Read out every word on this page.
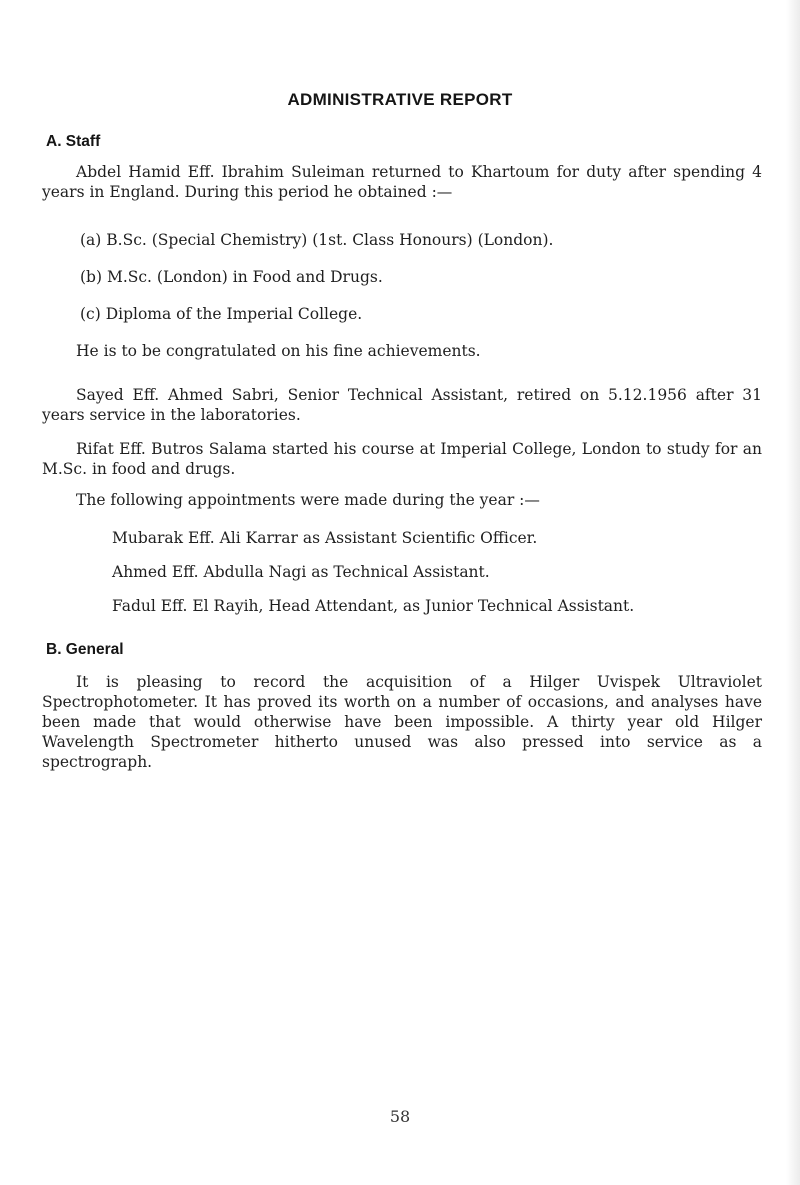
ADMINISTRATIVE REPORT
A. Staff

Abdel Hamid Eff. Ibrahim Suleiman returned to Khartoum for duty after spending 4 years in England. During this period he obtained :—

(a) B.Sc. (Special Chemistry) (1st. Class Honours) (London).

(b) M.Sc. (London) in Food and Drugs.

(c) Diploma of the Imperial College.

He is to be congratulated on his fine achievements.

Sayed Eff. Ahmed Sabri, Senior Technical Assistant, retired on 5.12.1956 after 31 years service in the laboratories.

Rifat Eff. Butros Salama started his course at Imperial College, London to study for an M.Sc. in food and drugs.

The following appointments were made during the year :—

Mubarak Eff. Ali Karrar as Assistant Scientific Officer.

Ahmed Eff. Abdulla Nagi as Technical Assistant.

Fadul Eff. El Rayih, Head Attendant, as Junior Technical Assistant.

B. General

It is pleasing to record the acquisition of a Hilger Uvispek Ultraviolet Spectrophotometer. It has proved its worth on a number of occasions, and analyses have been made that would otherwise have been impossible. A thirty year old Hilger Wavelength Spectrometer hitherto unused was also pressed into service as a spectrograph.

58
